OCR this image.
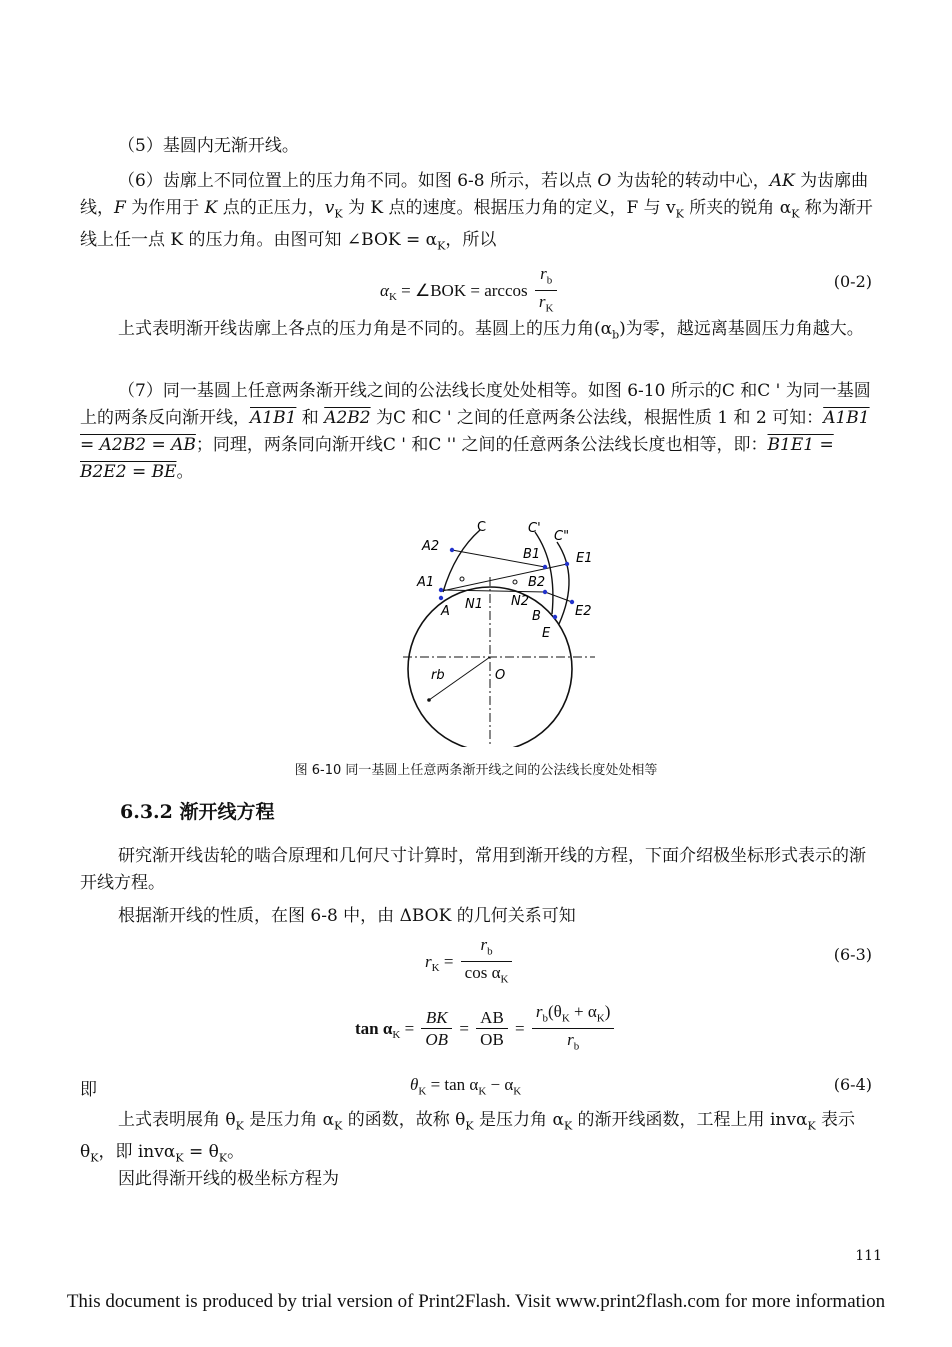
（5）基圆内无渐开线。

（6）齿廓上不同位置上的压力角不同。如图 6-8 所示，若以点 O 为齿轮的转动中心，AK 为齿廓曲线，F 为作用于 K 点的正压力，$v_K$ 为 K 点的速度。根据压力角的定义，F 与 $v_K$ 所夹的锐角 $\alpha_K$ 称为渐开线上任一点 K 的压力角。由图可知 ∠BOK = $\alpha_K$，所以

$\alpha_K$ = ∠BOK = $\arccos \frac{r_b}{r_K}$	(0-2)

上式表明渐开线齿廓上各点的压力角是不同的。基圆上的压力角$(\alpha_b)$为零，越远离基圆压力角越大。

（7）同一基圆上任意两条渐开线之间的公法线长度处处相等。如图 6-10 所示的C 和C ' 为同一基圆上的两条反向渐开线，A1B1 和 A2B2 为C 和C ' 之间的任意两条公法线，根据性质 1 和 2 可知：A1B1 = A2B2 = AB；同理，两条同向渐开线C ' 和C '' 之间的任意两条公法线长度也相等，即：B1E1 = B2E2 = BE。

C	C'
C"
A2
B1	E1
A1	B2
A N1 N2
B	E2
E
rb	O
图 6-10 同一基圆上任意两条渐开线之间的公法线长度处处相等
6.3.2 渐开线方程

研究渐开线齿轮的啮合原理和几何尺寸计算时，常用到渐开线的方程，下面介绍极坐标形式表示的渐开线方程。

根据渐开线的性质，在图 6-8 中，由 ΔBOK 的几何关系可知

$r_K = \frac{r_b}{\cos \alpha_K}$	(6-3)
$\tan \alpha_K = \frac{BK}{OB} = \frac{AB}{OB} = \frac{r_b(\theta_K + \alpha_K)}{r_b}$
即	$\theta_K = \tan \alpha_K - \alpha_K$	(6-4)

上式表明展角 $\theta_K$ 是压力角 $\alpha_K$ 的函数，故称 $\theta_K$ 是压力角 $\alpha_K$ 的渐开线函数，工程上用 invα$_K$ 表示 $\theta_K$，即 $inv\alpha_K = \theta_K$。

因此得渐开线的极坐标方程为

111
This document is produced by trial version of Print2Flash. Visit www.print2flash.com for more information
